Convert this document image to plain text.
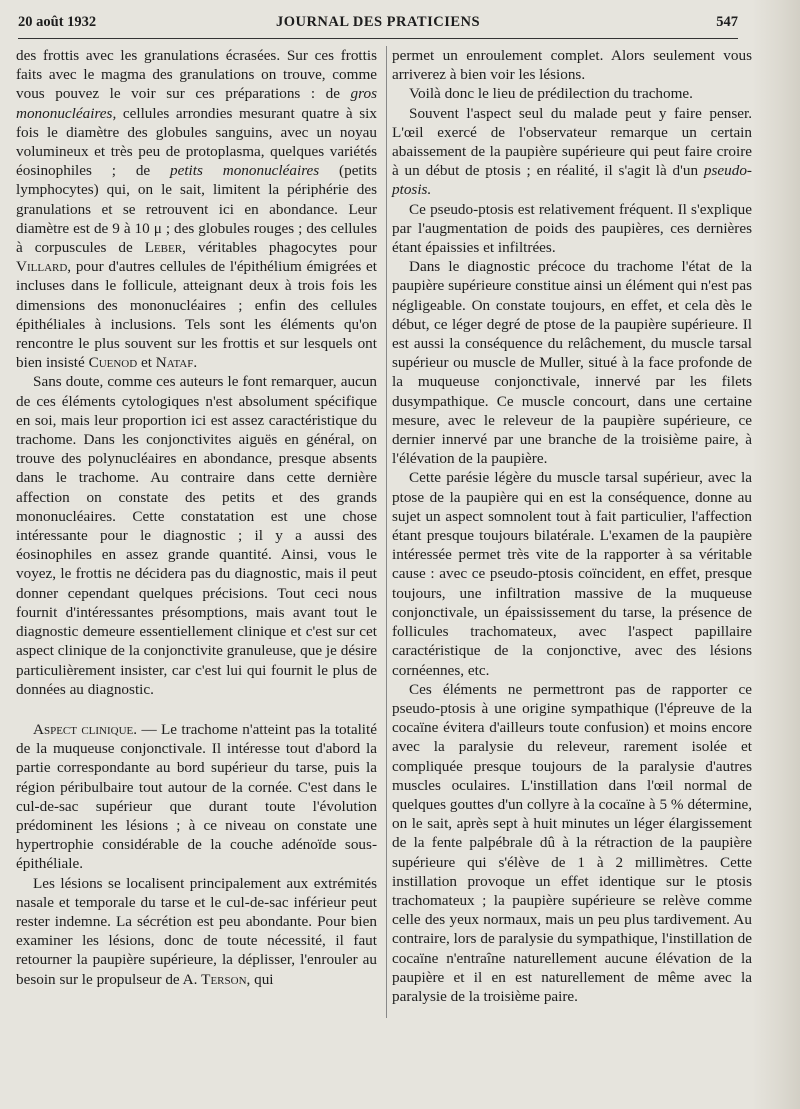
20 août 1932	JOURNAL DES PRATICIENS	547

des frottis avec les granulations écrasées. Sur ces frottis faits avec le magma des granulations on trouve, comme vous pouvez le voir sur ces préparations : de gros mononucléaires, cellules arrondies mesurant quatre à six fois le diamètre des globules sanguins, avec un noyau volumineux et très peu de protoplasma, quelques variétés éosinophiles ; de petits mononucléaires (petits lymphocytes) qui, on le sait, limitent la périphérie des granulations et se retrouvent ici en abondance. Leur diamètre est de 9 à 10 μ ; des globules rouges ; des cellules à corpuscules de Leber, véritables phagocytes pour Villard, pour d'autres cellules de l'épithélium émigrées et incluses dans le follicule, atteignant deux à trois fois les dimensions des mononucléaires ; enfin des cellules épithéliales à inclusions. Tels sont les éléments qu'on rencontre le plus souvent sur les frottis et sur lesquels ont bien insisté Cuenod et Nataf.

Sans doute, comme ces auteurs le font remarquer, aucun de ces éléments cytologiques n'est absolument spécifique en soi, mais leur proportion ici est assez caractéristique du trachome. Dans les conjonctivites aiguës en général, on trouve des polynucléaires en abondance, presque absents dans le trachome. Au contraire dans cette dernière affection on constate des petits et des grands mononucléaires. Cette constatation est une chose intéressante pour le diagnostic ; il y a aussi des éosinophiles en assez grande quantité. Ainsi, vous le voyez, le frottis ne décidera pas du diagnostic, mais il peut donner cependant quelques précisions. Tout ceci nous fournit d'intéressantes présomptions, mais avant tout le diagnostic demeure essentiellement clinique et c'est sur cet aspect clinique de la conjonctivite granuleuse, que je désire particulièrement insister, car c'est lui qui fournit le plus de données au diagnostic.

Aspect clinique. — Le trachome n'atteint pas la totalité de la muqueuse conjonctivale. Il intéresse tout d'abord la partie correspondante au bord supérieur du tarse, puis la région péribulbaire tout autour de la cornée. C'est dans le cul-de-sac supérieur que durant toute l'évolution prédominent les lésions ; à ce niveau on constate une hypertrophie considérable de la couche adénoïde sous-épithéliale.

Les lésions se localisent principalement aux extrémités nasale et temporale du tarse et le cul-de-sac inférieur peut rester indemne. La sécrétion est peu abondante. Pour bien examiner les lésions, donc de toute nécessité, il faut retourner la paupière supérieure, la déplisser, l'enrouler au besoin sur le propulseur de A. Terson, qui

permet un enroulement complet. Alors seulement vous arriverez à bien voir les lésions.

Voilà donc le lieu de prédilection du trachome.

Souvent l'aspect seul du malade peut y faire penser. L'œil exercé de l'observateur remarque un certain abaissement de la paupière supérieure qui peut faire croire à un début de ptosis ; en réalité, il s'agit là d'un pseudo-ptosis.

Ce pseudo-ptosis est relativement fréquent. Il s'explique par l'augmentation de poids des paupières, ces dernières étant épaissies et infiltrées.

Dans le diagnostic précoce du trachome l'état de la paupière supérieure constitue ainsi un élément qui n'est pas négligeable. On constate toujours, en effet, et cela dès le début, ce léger degré de ptose de la paupière supérieure. Il est aussi la conséquence du relâchement, du muscle tarsal supérieur ou muscle de Muller, situé à la face profonde de la muqueuse conjonctivale, innervé par les filets dusympathique. Ce muscle concourt, dans une certaine mesure, avec le releveur de la paupière supérieure, ce dernier innervé par une branche de la troisième paire, à l'élévation de la paupière.

Cette parésie légère du muscle tarsal supérieur, avec la ptose de la paupière qui en est la conséquence, donne au sujet un aspect somnolent tout à fait particulier, l'affection étant presque toujours bilatérale. L'examen de la paupière intéressée permet très vite de la rapporter à sa véritable cause : avec ce pseudo-ptosis coïncident, en effet, presque toujours, une infiltration massive de la muqueuse conjonctivale, un épaississement du tarse, la présence de follicules trachomateux, avec l'aspect papillaire caractéristique de la conjonctive, avec des lésions cornéennes, etc.

Ces éléments ne permettront pas de rapporter ce pseudo-ptosis à une origine sympathique (l'épreuve de la cocaïne évitera d'ailleurs toute confusion) et moins encore avec la paralysie du releveur, rarement isolée et compliquée presque toujours de la paralysie d'autres muscles oculaires. L'instillation dans l'œil normal de quelques gouttes d'un collyre à la cocaïne à 5 % détermine, on le sait, après sept à huit minutes un léger élargissement de la fente palpébrale dû à la rétraction de la paupière supérieure qui s'élève de 1 à 2 millimètres. Cette instillation provoque un effet identique sur le ptosis trachomateux ; la paupière supérieure se relève comme celle des yeux normaux, mais un peu plus tardivement. Au contraire, lors de paralysie du sympathique, l'instillation de cocaïne n'entraîne naturellement aucune élévation de la paupière et il en est naturellement de même avec la paralysie de la troisième paire.
